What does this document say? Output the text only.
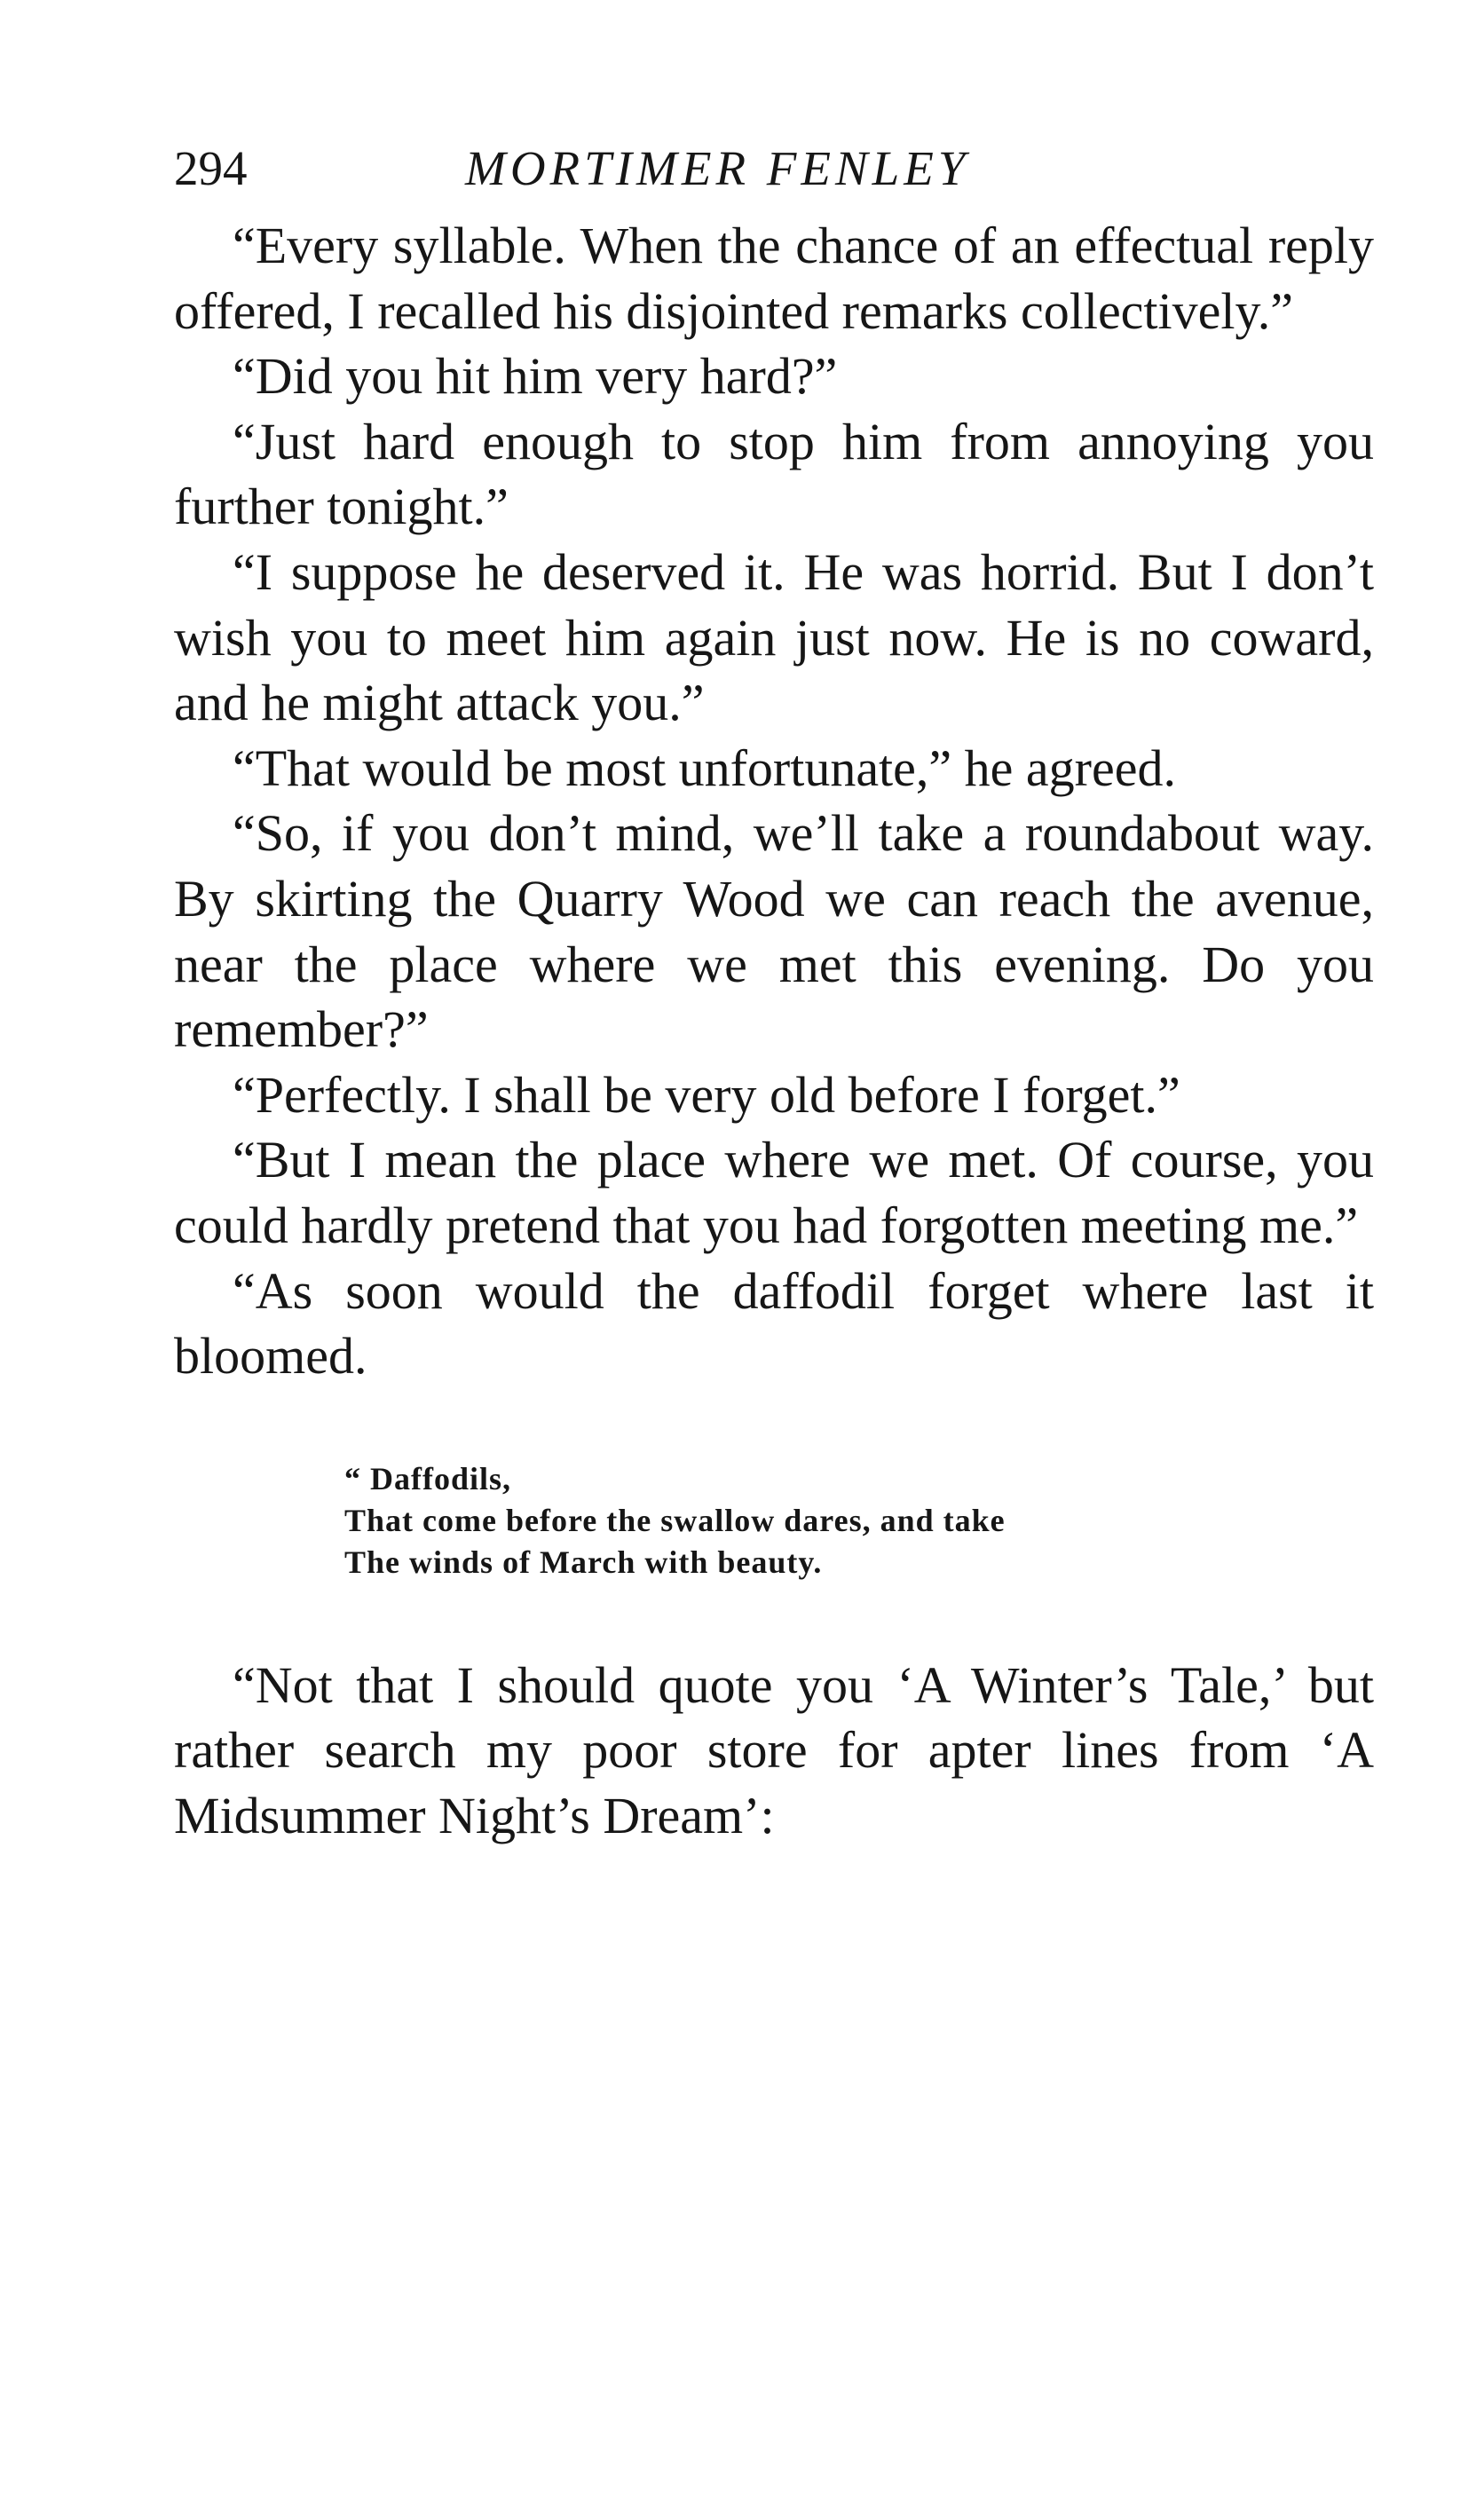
294	MORTIMER FENLEY

“Every syllable. When the chance of an effectual reply offered, I recalled his disjointed remarks collectively.”

“Did you hit him very hard?”

“Just hard enough to stop him from annoying you further tonight.”

“I suppose he deserved it. He was horrid. But I don’t wish you to meet him again just now. He is no coward, and he might attack you.”

“That would be most unfortunate,” he agreed.

“So, if you don’t mind, we’ll take a roundabout way. By skirting the Quarry Wood we can reach the avenue, near the place where we met this evening. Do you remember?”

“Perfectly. I shall be very old before I forget.”

“But I mean the place where we met. Of course, you could hardly pretend that you had forgotten meeting me.”

“As soon would the daffodil forget where last it bloomed.

“ Daffodils,
That come before the swallow dares, and take
The winds of March with beauty.

“Not that I should quote you ‘A Winter’s Tale,’ but rather search my poor store for apter lines from ‘A Midsummer Night’s Dream’:
